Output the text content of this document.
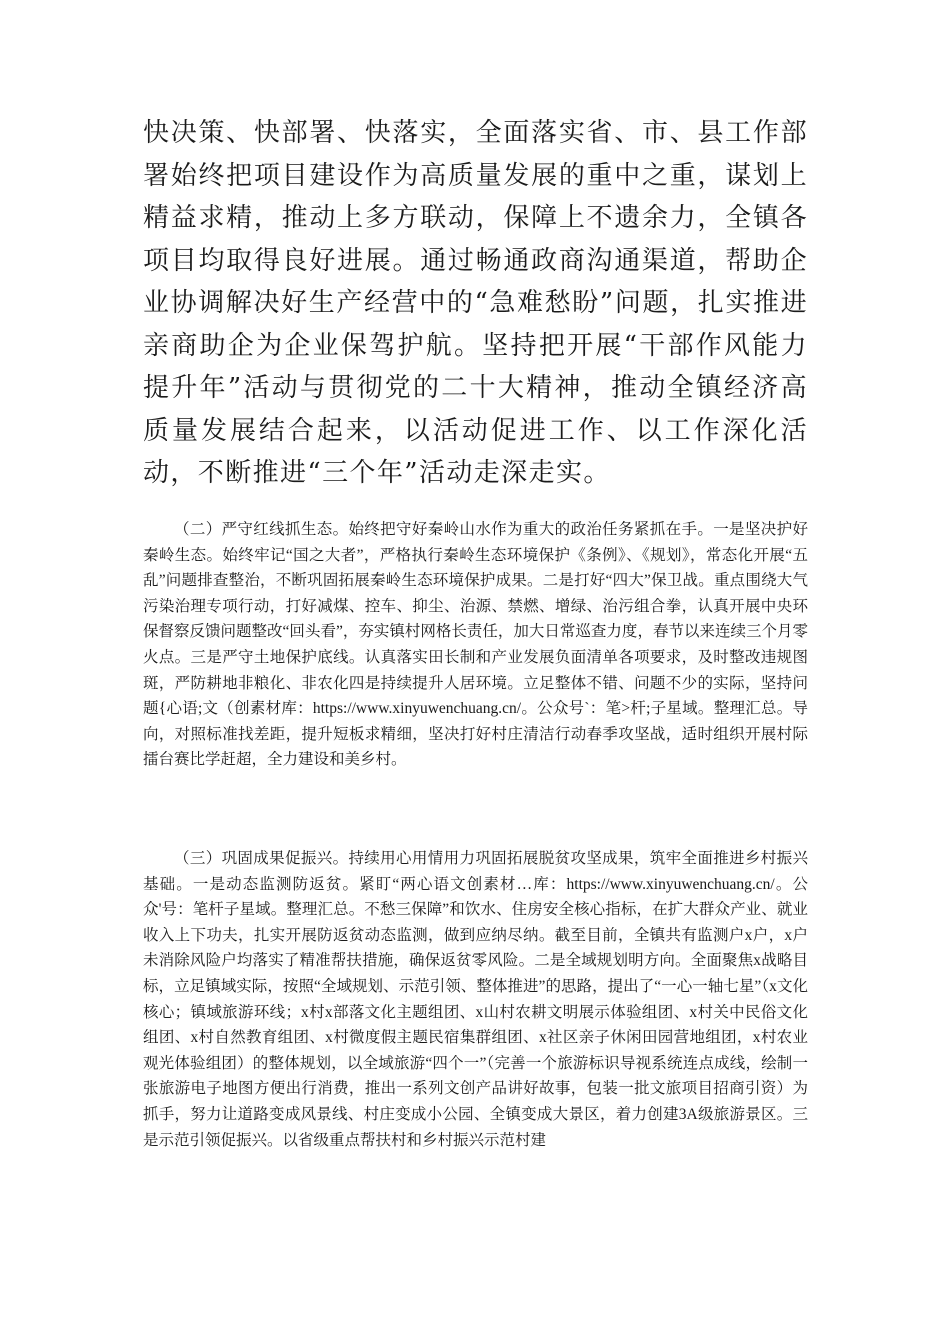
快决策、快部署、快落实，全面落实省、市、县工作部署始终把项目建设作为高质量发展的重中之重，谋划上精益求精，推动上多方联动，保障上不遗余力，全镇各项目均取得良好进展。通过畅通政商沟通渠道，帮助企业协调解决好生产经营中的“急难愁盼”问题，扎实推进亲商助企为企业保驾护航。坚持把开展“干部作风能力提升年”活动与贯彻党的二十大精神，推动全镇经济高质量发展结合起来，以活动促进工作、以工作深化活动，不断推进“三个年”活动走深走实。

（二）严守红线抓生态。始终把守好秦岭山水作为重大的政治任务紧抓在手。一是坚决护好秦岭生态。始终牢记“国之大者”，严格执行秦岭生态环境保护《条例》、《规划》，常态化开展“五乱”问题排查整治，不断巩固拓展秦岭生态环境保护成果。二是打好“四大”保卫战。重点围绕大气污染治理专项行动，打好减煤、控车、抑尘、治源、禁燃、增绿、治污组合拳，认真开展中央环保督察反馈问题整改“回头看”，夯实镇村网格长责任，加大日常巡查力度，春节以来连续三个月零火点。三是严守土地保护底线。认真落实田长制和产业发展负面清单各项要求，及时整改违规图斑，严防耕地非粮化、非农化四是持续提升人居环境。立足整体不错、问题不少的实际，坚持问题{心语;文（创素材库：https://www.xinyuwenchuang.cn/。公众号`：笔>杆;子星域。整理汇总。导向，对照标准找差距，提升短板求精细，坚决打好村庄清洁行动春季攻坚战，适时组织开展村际擂台赛比学赶超，全力建设和美乡村。

（三）巩固成果促振兴。持续用心用情用力巩固拓展脱贫攻坚成果，筑牢全面推进乡村振兴基础。一是动态监测防返贫。紧盯“两心语文创素材…库：https://www.xinyuwenchuang.cn/。公众'号：笔杆子星域。整理汇总。不愁三保障”和饮水、住房安全核心指标，在扩大群众产业、就业收入上下功夫，扎实开展防返贫动态监测，做到应纳尽纳。截至目前，全镇共有监测户x户，x户未消除风险户均落实了精准帮扶措施，确保返贫零风险。二是全域规划明方向。全面聚焦x战略目标，立足镇域实际，按照“全域规划、示范引领、整体推进”的思路，提出了“一心一轴七星”（x文化核心；镇域旅游环线；x村x部落文化主题组团、x山村农耕文明展示体验组团、x村关中民俗文化组团、x村自然教育组团、x村微度假主题民宿集群组团、x社区亲子休闲田园营地组团，x村农业观光体验组团）的整体规划，以全域旅游“四个一”（完善一个旅游标识导视系统连点成线，绘制一张旅游电子地图方便出行消费，推出一系列文创产品讲好故事，包装一批文旅项目招商引资）为抓手，努力让道路变成风景线、村庄变成小公园、全镇变成大景区，着力创建3A级旅游景区。三是示范引领促振兴。以省级重点帮扶村和乡村振兴示范村建
